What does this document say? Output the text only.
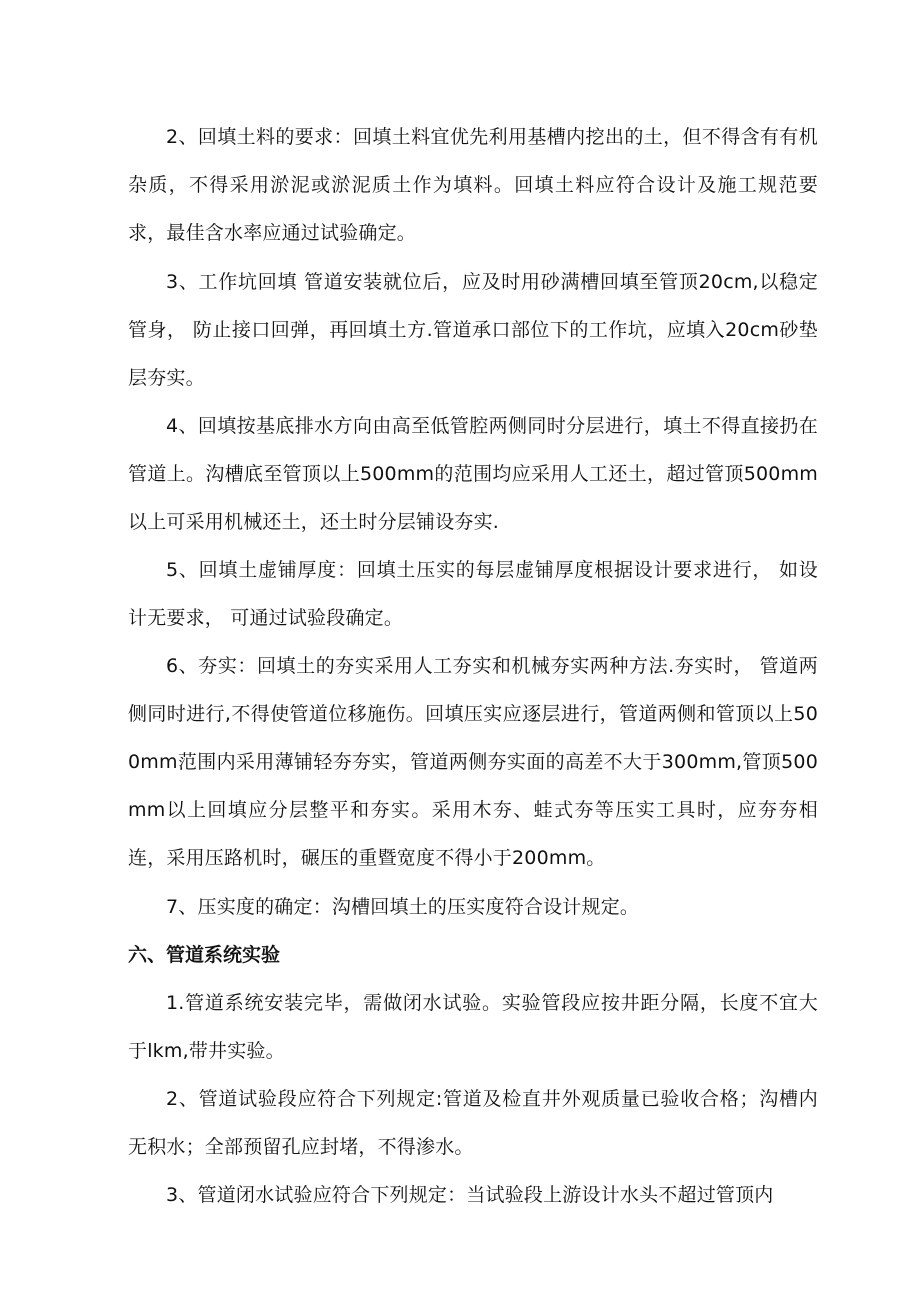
2、回填土料的要求：回填土料宜优先利用基槽内挖出的土，但不得含有有机杂质，不得采用淤泥或淤泥质土作为填料。回填土料应符合设计及施工规范要求，最佳含水率应通过试验确定。

3、工作坑回填 管道安装就位后，应及时用砂满槽回填至管顶20cm,以稳定管身， 防止接口回弹，再回填土方.管道承口部位下的工作坑，应填入20cm砂垫层夯实。

4、回填按基底排水方向由高至低管腔两侧同时分层进行，填土不得直接扔在管道上。沟槽底至管顶以上500mm的范围均应采用人工还土，超过管顶500mm以上可采用机械还土，还土时分层铺设夯实.

5、回填土虚铺厚度：回填土压实的每层虚铺厚度根据设计要求进行， 如设计无要求， 可通过试验段确定。

6、夯实：回填土的夯实采用人工夯实和机械夯实两种方法.夯实时， 管道两侧同时进行,不得使管道位移施伤。回填压实应逐层进行，管道两侧和管顶以上500mm范围内采用薄铺轻夯夯实，管道两侧夯实面的高差不大于300mm,管顶500mm以上回填应分层整平和夯实。采用木夯、蛙式夯等压实工具时，应夯夯相连，采用压路机时，碾压的重暨宽度不得小于200mm。

7、压实度的确定：沟槽回填土的压实度符合设计规定。

六、管道系统实验

1.管道系统安装完毕，需做闭水试验。实验管段应按井距分隔，长度不宜大于lkm,带井实验。

2、管道试验段应符合下列规定:管道及检直井外观质量已验收合格；沟槽内无积水；全部预留孔应封堵，不得渗水。

3、管道闭水试验应符合下列规定：当试验段上游设计水头不超过管顶内
